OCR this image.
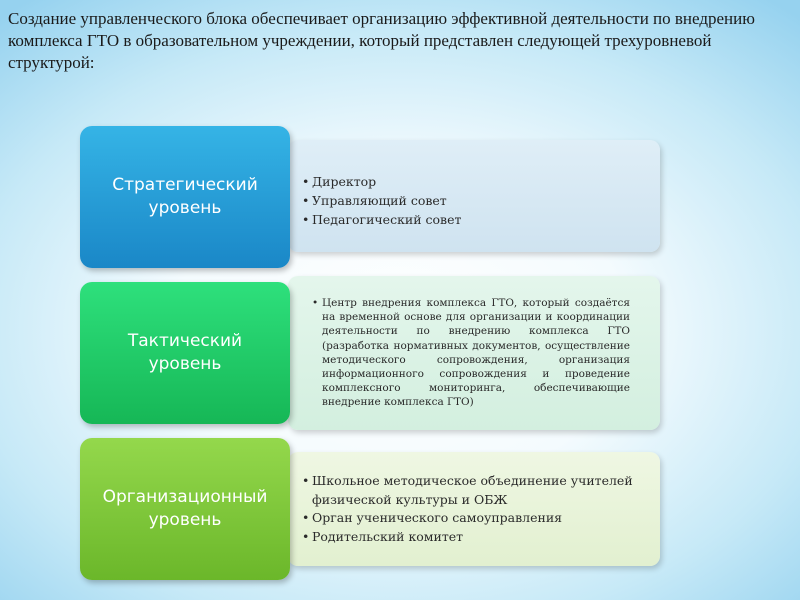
Создание управленческого блока обеспечивает организацию эффективной деятельности по внедрению комплекса ГТО в образовательном учреждении, который представлен следующей трехуровневой структурой:

• Директор
• Управляющий совет
• Педагогический совет
Стратегический
уровень
• Центр внедрения комплекса ГТО, который создаётся на временной основе для организации и координации деятельности по внедрению комплекса ГТО (разработка нормативных документов, осуществление методического сопровождения, организация информационного сопровождения и проведение комплексного мониторинга, обеспечивающие внедрение комплекса ГТО)
Тактический
уровень
• Школьное методическое объединение учителей физической культуры и ОБЖ
• Орган ученического самоуправления
• Родительский комитет
Организационный
уровень
